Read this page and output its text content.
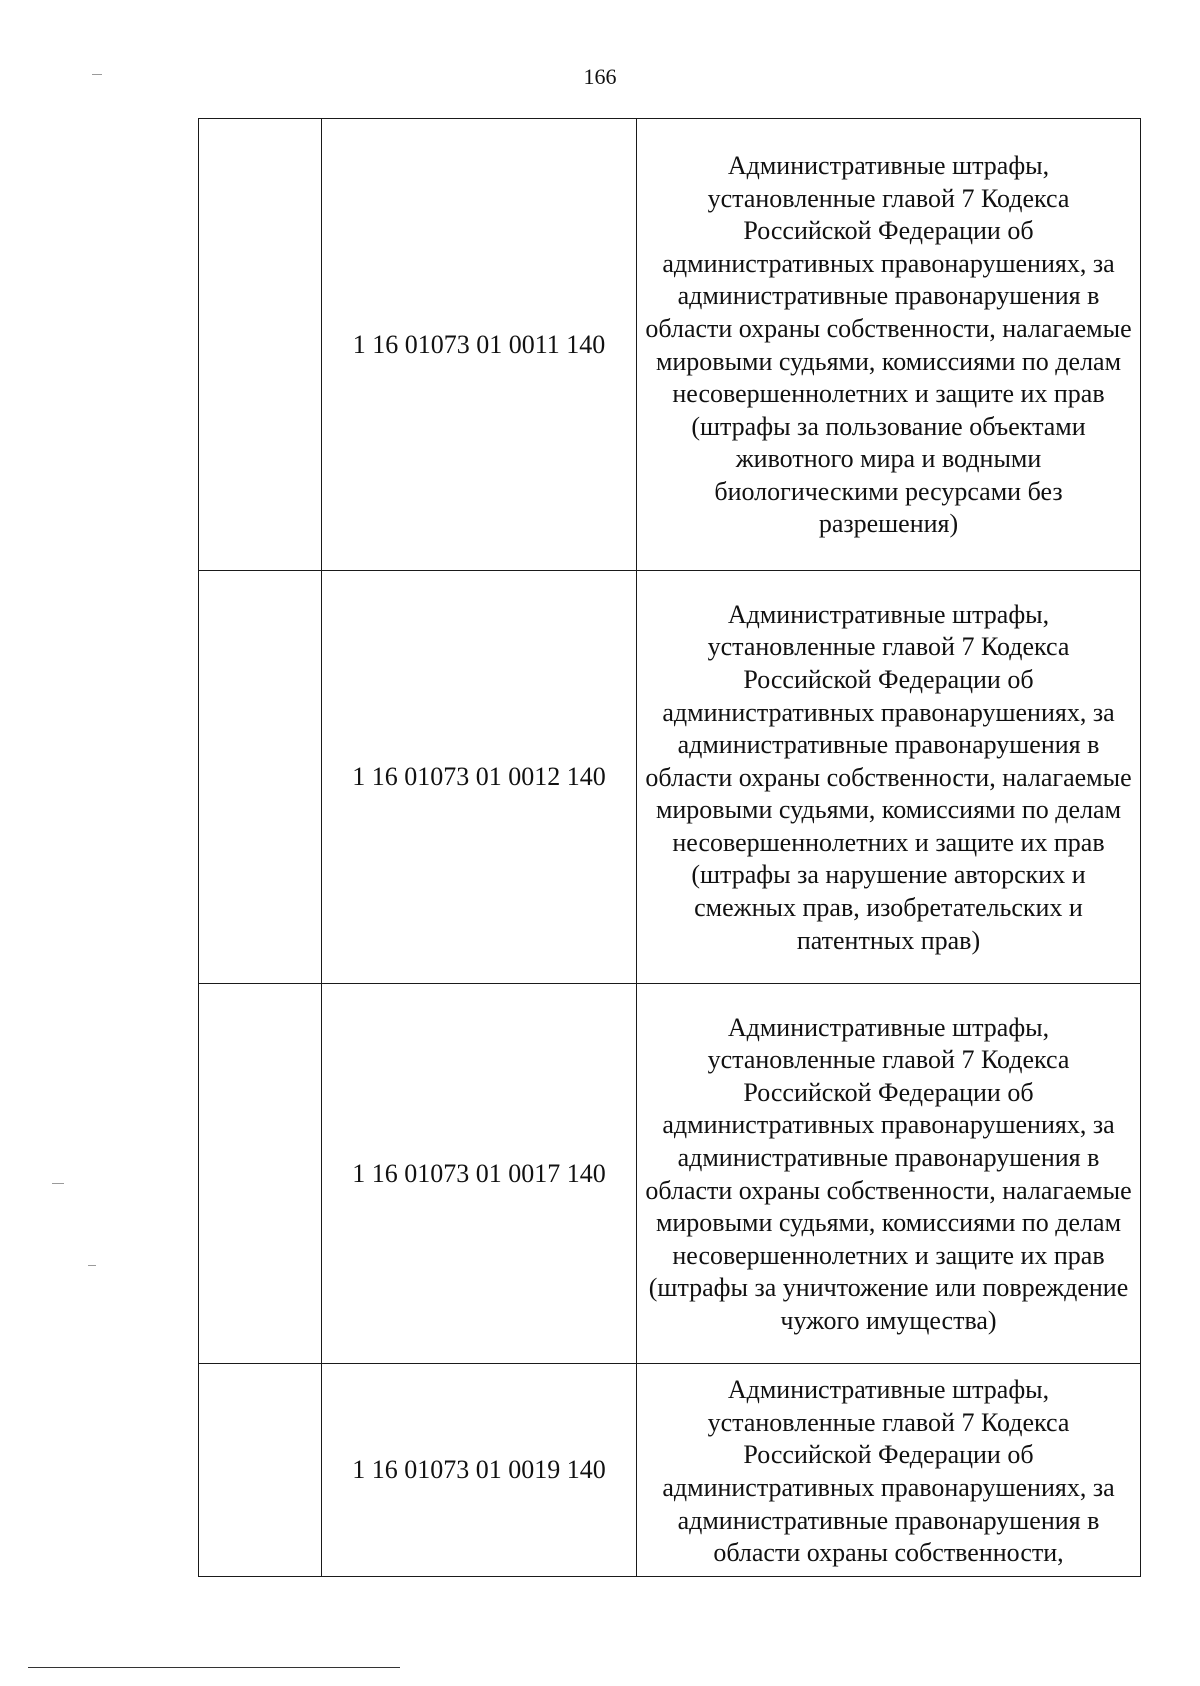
166
	1 16 01073 01 0011 140	Административные штрафы, установленные главой 7 Кодекса Российской Федерации об административных правонарушениях, за административные правонарушения в области охраны собственности, налагаемые мировыми судьями, комиссиями по делам несовершеннолетних и защите их прав (штрафы за пользование объектами животного мира и водными биологическими ресурсами без разрешения)
	1 16 01073 01 0012 140	Административные штрафы, установленные главой 7 Кодекса Российской Федерации об административных правонарушениях, за административные правонарушения в области охраны собственности, налагаемые мировыми судьями, комиссиями по делам несовершеннолетних и защите их прав (штрафы за нарушение авторских и смежных прав, изобретательских и патентных прав)
	1 16 01073 01 0017 140	Административные штрафы, установленные главой 7 Кодекса Российской Федерации об административных правонарушениях, за административные правонарушения в области охраны собственности, налагаемые мировыми судьями, комиссиями по делам несовершеннолетних и защите их прав (штрафы за уничтожение или повреждение чужого имущества)
	1 16 01073 01 0019 140	Административные штрафы, установленные главой 7 Кодекса Российской Федерации об административных правонарушениях, за административные правонарушения в области охраны собственности,
